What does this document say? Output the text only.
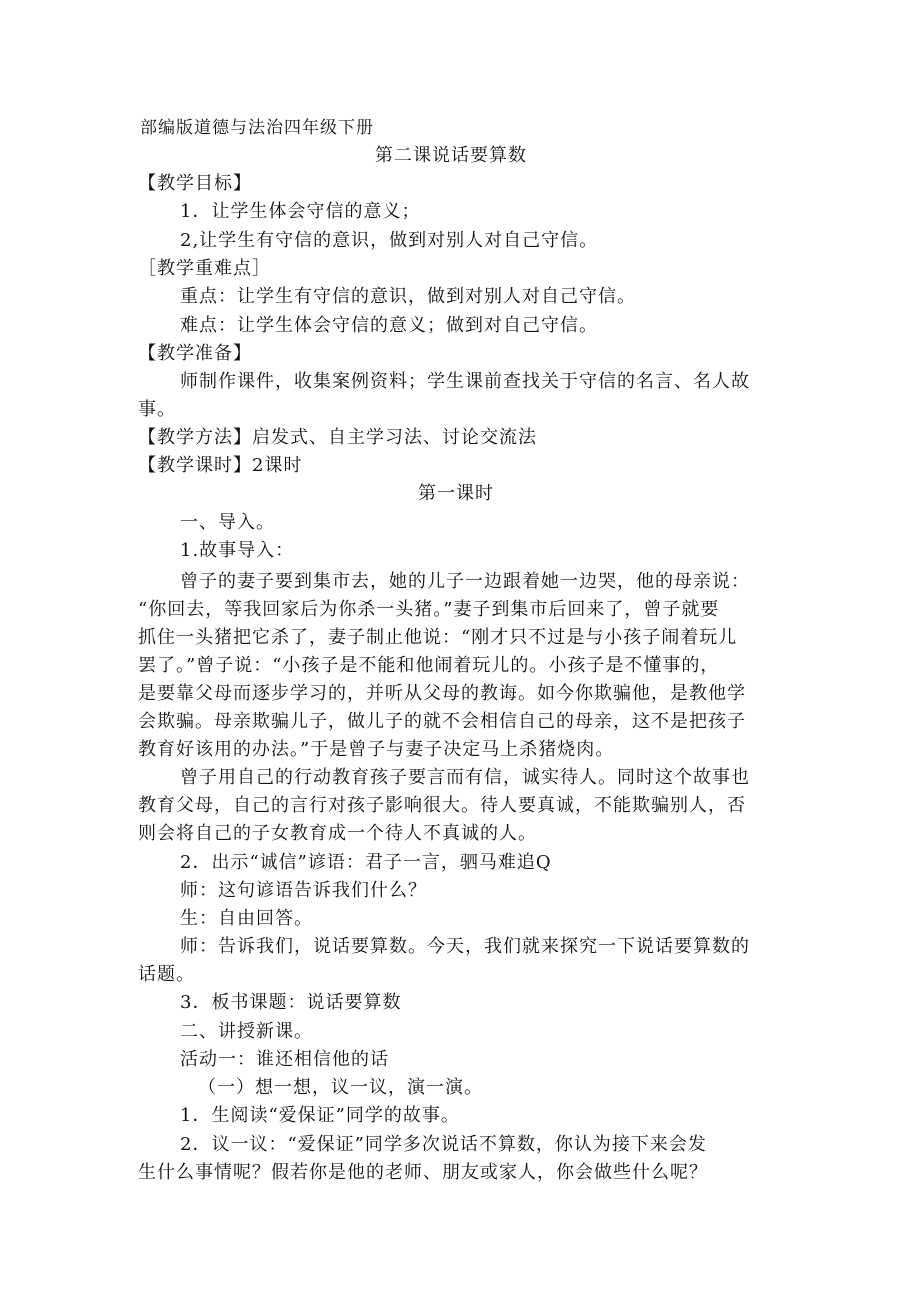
部编版道德与法治四年级下册
第二课说话要算数
【教学目标】
1．让学生体会守信的意义；
2,让学生有守信的意识，做到对别人对自己守信。
［教学重难点］
重点：让学生有守信的意识，做到对别人对自己守信。
难点：让学生体会守信的意义；做到对自己守信。
【教学准备】
师制作课件，收集案例资料；学生课前查找关于守信的名言、名人故
事。
【教学方法】启发式、自主学习法、讨论交流法
【教学课时】2课时
第一课时
一、导入。
1.故事导入：
曾子的妻子要到集市去，她的儿子一边跟着她一边哭，他的母亲说：
“你回去，等我回家后为你杀一头猪。”妻子到集市后回来了，曾子就要
抓住一头猪把它杀了，妻子制止他说：“刚才只不过是与小孩子闹着玩儿
罢了。”曾子说：“小孩子是不能和他闹着玩儿的。小孩子是不懂事的，
是要靠父母而逐步学习的，并听从父母的教诲。如今你欺骗他，是教他学
会欺骗。母亲欺骗儿子，做儿子的就不会相信自己的母亲，这不是把孩子
教育好该用的办法。”于是曾子与妻子决定马上杀猪烧肉。
曾子用自己的行动教育孩子要言而有信，诚实待人。同时这个故事也
教育父母，自己的言行对孩子影响很大。待人要真诚，不能欺骗别人，否
则会将自己的子女教育成一个待人不真诚的人。
2．出示“诚信”谚语：君子一言，驷马难追Q
师：这句谚语告诉我们什么？
生：自由回答。
师：告诉我们，说话要算数。今天，我们就来探究一下说话要算数的
话题。
3．板书课题：说话要算数
二、讲授新课。
活动一：谁还相信他的话
（一）想一想，议一议，演一演。
1．生阅读“爱保证”同学的故事。
2．议一议：“爱保证”同学多次说话不算数，你认为接下来会发
生什么事情呢？假若你是他的老师、朋友或家人，你会做些什么呢？
